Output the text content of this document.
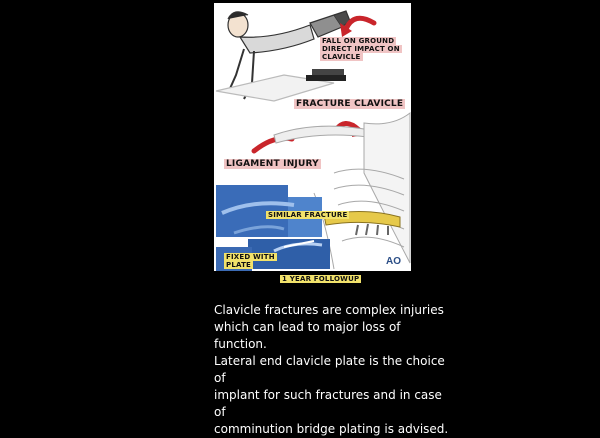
FALL ON GROUND
DIRECT IMPACT ON
CLAVICLE
FRACTURE CLAVICLE
LIGAMENT INJURY
SIMILAR FRACTURE
FIXED WITH
PLATE
1 YEAR FOLLOWUP
AO
Clavicle fractures are complex injuries
which can lead to major loss of function.
Lateral end clavicle plate is the choice of
implant for such fractures and in case of
comminution bridge plating is advised.
